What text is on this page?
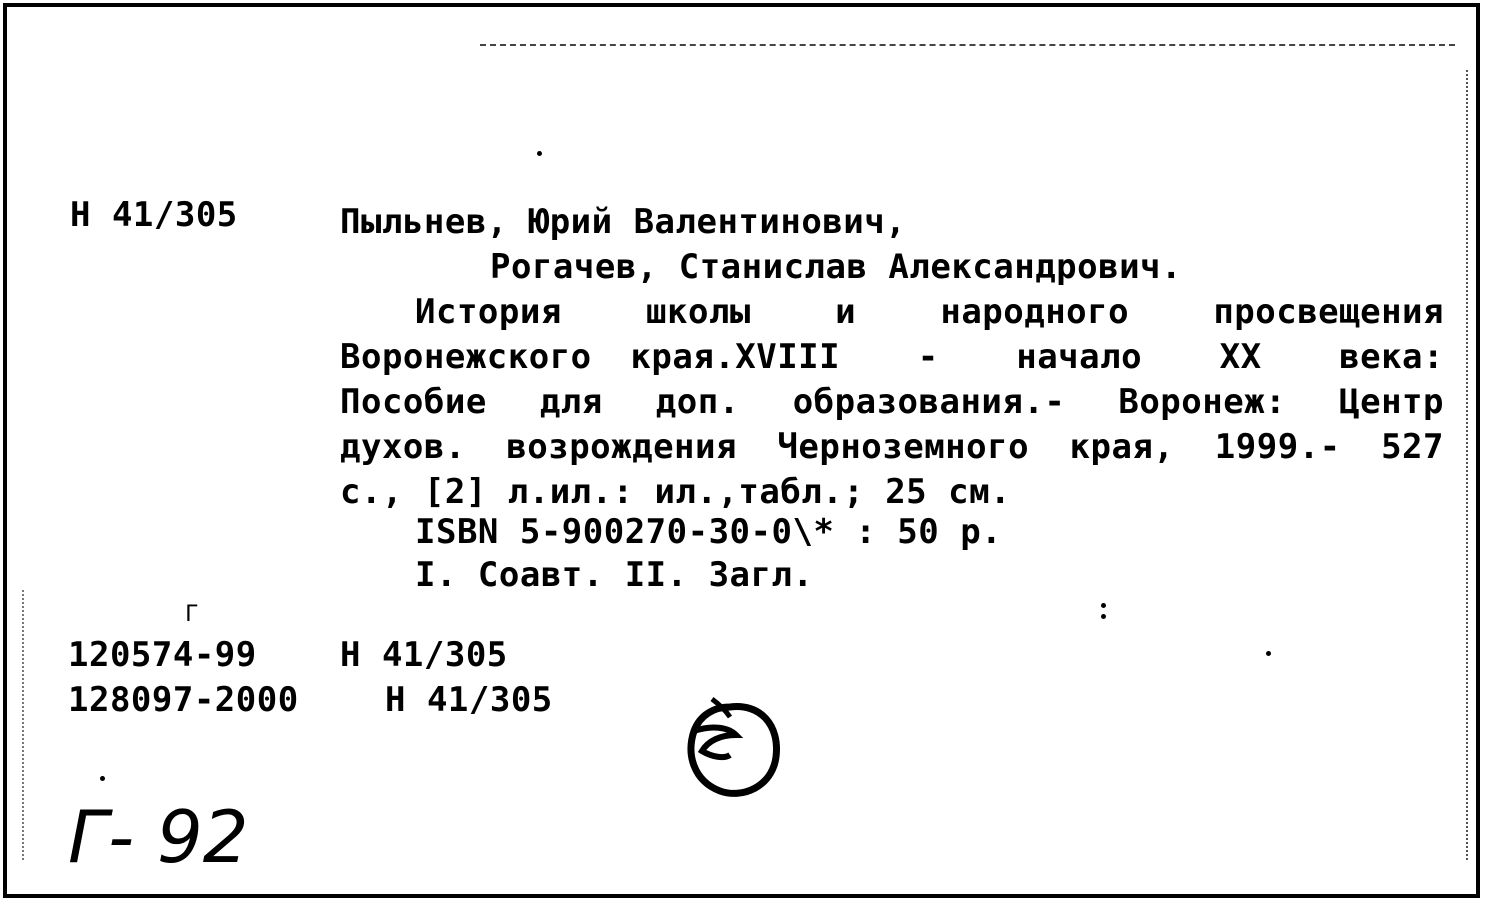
Н 41/305	Пыльнев, Юрий Валентинович,
Рогачев, Станислав Александрович.
История  школы  и  народного  просвещения
Воронежского края.XVIII  -  начало  XX  века:
Пособие для доп. образования.- Воронеж: Центр
духов. возрождения Черноземного края, 1999.- 527
с., [2] л.ил.: ил.,табл.; 25 см.
ISBN 5-900270-30-0\* : 50 р.
I. Соавт. II. Загл.
120574-99 Н 41/305
128097-2000	Н 41/305
Г
Г- 92
